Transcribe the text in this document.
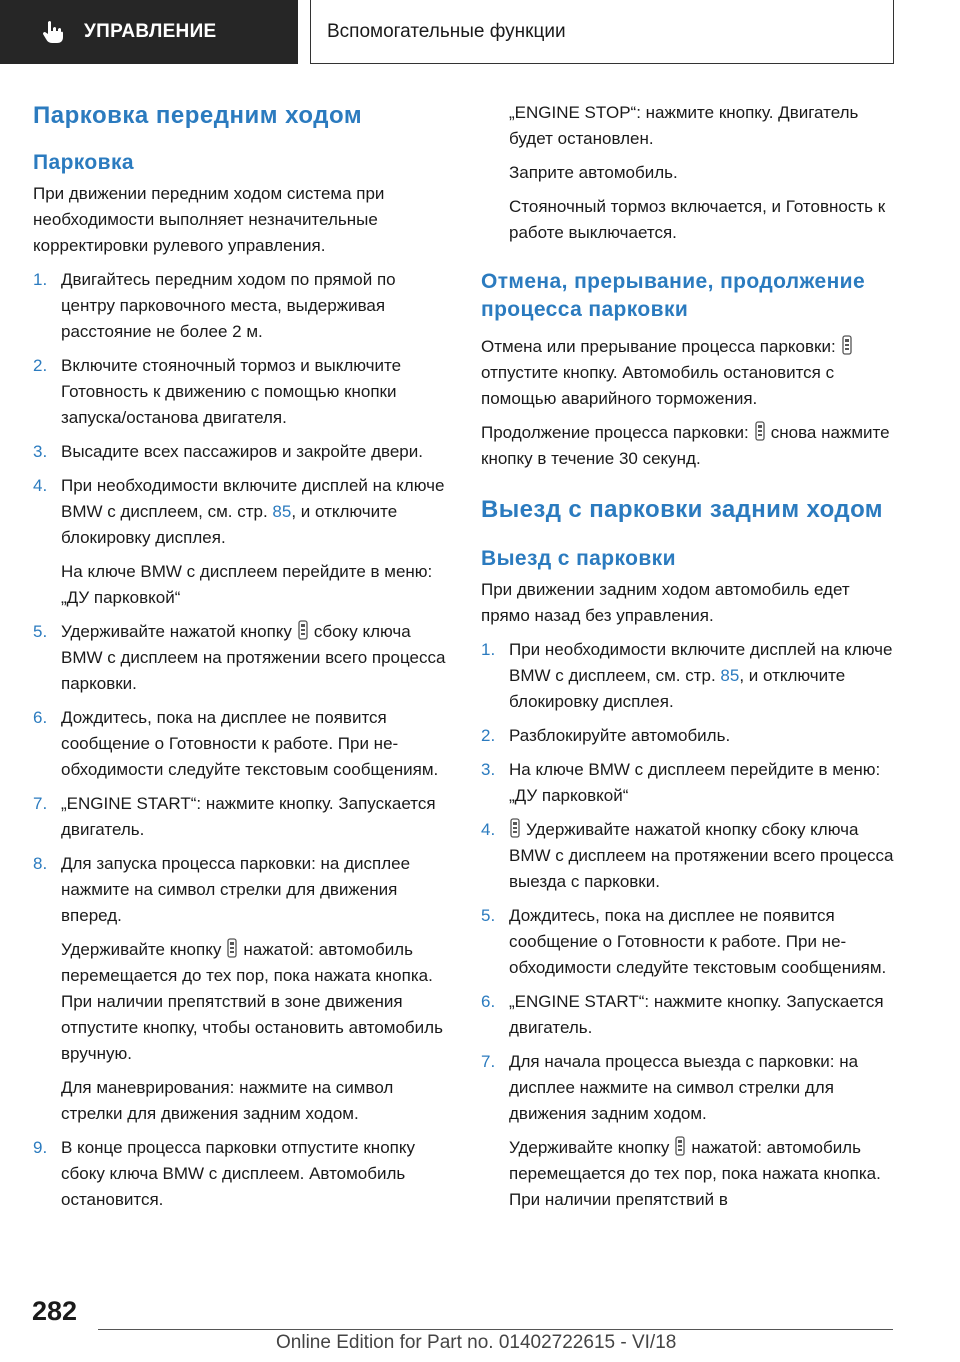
УПРАВЛЕНИЕ	Вспомогательные функции
Парковка передним ходом
Парковка

При движении передним ходом система при необходимости выполняет незначительные корректировки рулевого управления.

1. Двигайтесь передним ходом по прямой по центру парковочного места, выдерживая расстояние не более 2 м.
2. Включите стояночный тормоз и выключите Готовность к движению с помощью кнопки запуска/останова двигателя.
3. Высадите всех пассажиров и закройте двери.
4. При необходимости включите дисплей на ключе BMW с дисплеем, см. стр. 85, и отключите блокировку дисплея.

На ключе BMW с дисплеем перейдите в меню: „ДУ парковкой“

5. Удерживайте нажатой кнопку сбоку ключа BMW с дисплеем на протяжении всего процесса парковки.
6. Дождитесь, пока на дисплее не появится сообщение о Готовности к работе. При необходимости следуйте текстовым сообщениям.
7. „ENGINE START“: нажмите кнопку. Запускается двигатель.
8. Для запуска процесса парковки: на дисплее нажмите на символ стрелки для движения вперед.

Удерживайте кнопку нажатой: автомобиль перемещается до тех пор, пока нажата кнопка. При наличии препятствий в зоне движения отпустите кнопку, чтобы остановить автомобиль вручную.

Для маневрирования: нажмите на символ стрелки для движения задним ходом.

9. В конце процесса парковки отпустите кнопку сбоку ключа BMW с дисплеем. Автомобиль остановится.

„ENGINE STOP“: нажмите кнопку. Двигатель будет остановлен.

Заприте автомобиль.

Стояночный тормоз включается, и Готовность к работе выключается.

Отмена, прерывание, продолжение процесса парковки

Отмена или прерывание процесса парковки:отпустите кнопку. Автомобиль остановится с помощью аварийного торможения.

Продолжение процесса парковки: снова нажмите кнопку в течение 30 секунд.

Выезд с парковки задним ходом
Выезд с парковки

При движении задним ходом автомобиль едет прямо назад без управления.

1. При необходимости включите дисплей на ключе BMW с дисплеем, см. стр. 85, и отключите блокировку дисплея.
2. Разблокируйте автомобиль.
3. На ключе BMW с дисплеем перейдите в меню: „ДУ парковкой“
4. Удерживайте нажатой кнопку сбоку ключа BMW с дисплеем на протяжении всего процесса выезда с парковки.
5. Дождитесь, пока на дисплее не появится сообщение о Готовности к работе. При необходимости следуйте текстовым сообщениям.
6. „ENGINE START“: нажмите кнопку. Запускается двигатель.
7. Для начала процесса выезда с парковки: на дисплее нажмите на символ стрелки для движения задним ходом.

Удерживайте кнопку нажатой: автомобиль перемещается до тех пор, пока нажата кнопка. При наличии препятствий в

282
Online Edition for Part no. 01402722615 - VI/18
